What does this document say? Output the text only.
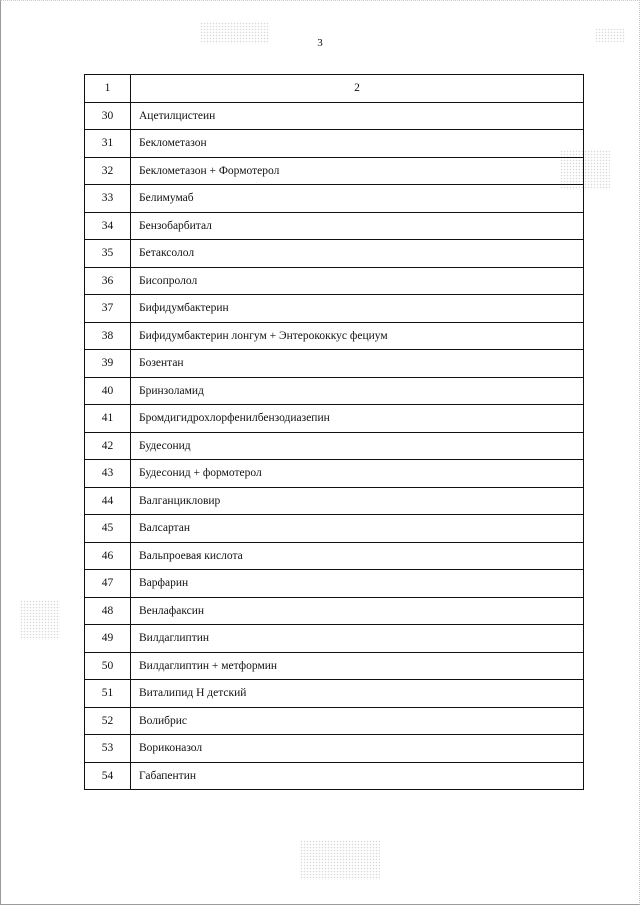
3
1	2
30	Ацетилцистеин
31	Беклометазон
32	Беклометазон + Формотерол
33	Белимумаб
34	Бензобарбитал
35	Бетаксолол
36	Бисопролол
37	Бифидумбактерин
38	Бифидумбактерин лонгум + Энтерококкус фециум
39	Бозентан
40	Бринзоламид
41	Бромдигидрохлорфенилбензодиазепин
42	Будесонид
43	Будесонид + формотерол
44	Валганцикловир
45	Валсартан
46	Вальпроевая кислота
47	Варфарин
48	Венлафаксин
49	Вилдаглиптин
50	Вилдаглиптин + метформин
51	Виталипид Н детский
52	Волибрис
53	Вориконазол
54	Габапентин
